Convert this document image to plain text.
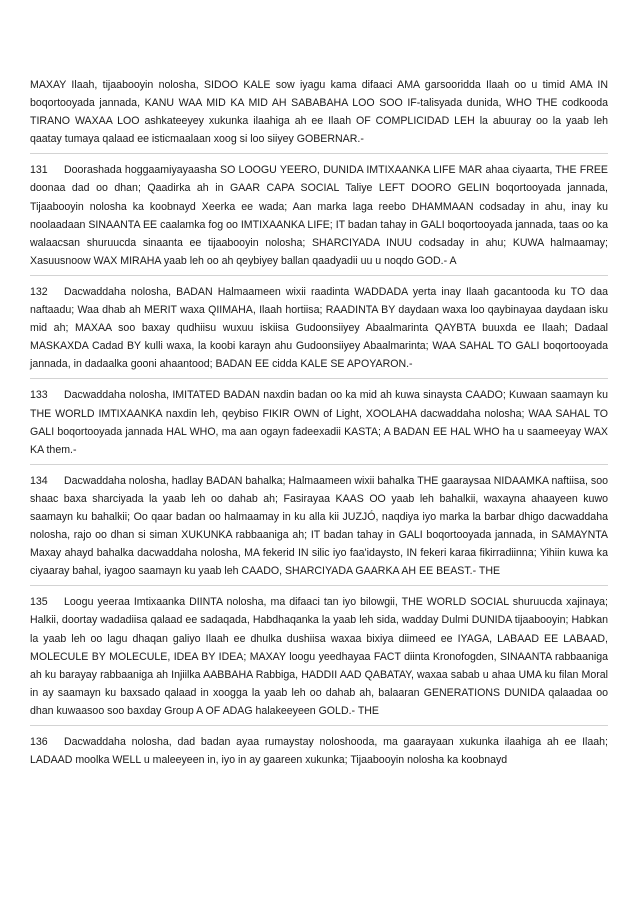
MAXAY Ilaah, tijaabooyin nolosha, SIDOO KALE sow iyagu kama difaaci AMA garsooridda Ilaah oo u timid AMA IN boqortooyada jannada, KANU WAA MID KA MID AH SABABAHA LOO SOO IF-talisyada dunida, WHO THE codkooda TIRANO WAXAA LOO ashkateeyey xukunka ilaahiga ah ee Ilaah OF COMPLICIDAD LEH la abuuray oo la yaab leh qaatay tumaya qalaad ee isticmaalaan xoog si loo siiyey GOBERNAR.-

131 Doorashada hoggaamiyayaasha SO LOOGU YEERO, DUNIDA IMTIXAANKA LIFE MAR ahaa ciyaarta, THE FREE doonaa dad oo dhan; Qaadirka ah in GAAR CAPA SOCIAL Taliye LEFT DOORO GELIN boqortooyada jannada, Tijaabooyin nolosha ka koobnayd Xeerka ee wada; Aan marka laga reebo DHAMMAAN codsaday in ahu, inay ku noolaadaan SINAANTA EE caalamka fog oo IMTIXAANKA LIFE; IT badan tahay in GALI boqortooyada jannada, taas oo ka walaacsan shuruucda sinaanta ee tijaabooyin nolosha; SHARCIYADA INUU codsaday in ahu; KUWA halmaamay; Xasuusnoow WAX MIRAHA yaab leh oo ah qeybiyey ballan qaadyadii uu u noqdo GOD.- A

132 Dacwaddaha nolosha, BADAN Halmaameen wixii raadinta WADDADA yerta inay Ilaah gacantooda ku TO daa naftaadu; Waa dhab ah MERIT waxa QIIMAHA, Ilaah hortiisa; RAADINTA BY daydaan waxa loo qaybinayaa daydaan isku mid ah; MAXAA soo baxay qudhiisu wuxuu iskiisa Gudoonsiiyey Abaalmarinta QAYBTA buuxda ee Ilaah; Dadaal MASKAXDA Cadad BY kulli waxa, la koobi karayn ahu Gudoonsiiyey Abaalmarinta; WAA SAHAL TO GALI boqortooyada jannada, in dadaalka gooni ahaantood; BADAN EE cidda KALE SE APOYARON.-

133 Dacwaddaha nolosha, IMITATED BADAN naxdin badan oo ka mid ah kuwa sinaysta CAADO; Kuwaan saamayn ku THE WORLD IMTIXAANKA naxdin leh, qeybiso FIKIR OWN of Light, XOOLAHA dacwaddaha nolosha; WAA SAHAL TO GALI boqortooyada jannada HAL WHO, ma aan ogayn fadeexadii KASTA; A BADAN EE HAL WHO ha u saameeyay WAX KA them.-

134 Dacwaddaha nolosha, hadlay BADAN bahalka; Halmaameen wixii bahalka THE gaaraysaa NIDAAMKA naftiisa, soo shaac baxa sharciyada la yaab leh oo dahab ah; Fasirayaa KAAS OO yaab leh bahalkii, waxayna ahaayeen kuwo saamayn ku bahalkii; Oo qaar badan oo halmaamay in ku alla kii JUZJÓ, naqdiya iyo marka la barbar dhigo dacwaddaha nolosha, rajo oo dhan si siman XUKUNKA rabbaaniga ah; IT badan tahay in GALI boqortooyada jannada, in SAMAYNTA Maxay ahayd bahalka dacwaddaha nolosha, MA fekerid IN silic iyo faa'idaysto, IN fekeri karaa fikirradiinna; Yihiin kuwa ka ciyaaray bahal, iyagoo saamayn ku yaab leh CAADO, SHARCIYADA GAARKA AH EE BEAST.- THE

135 Loogu yeeraa Imtixaanka DIINTA nolosha, ma difaaci tan iyo bilowgii, THE WORLD SOCIAL shuruucda xajinaya; Halkii, doortay wadadiisa qalaad ee sadaqada, Habdhaqanka la yaab leh sida, wadday Dulmi DUNIDA tijaabooyin; Habkan la yaab leh oo lagu dhaqan galiyo Ilaah ee dhulka dushiisa waxaa bixiya diimeed ee IYAGA, LABAAD EE LABAAD, MOLECULE BY MOLECULE, IDEA BY IDEA; MAXAY loogu yeedhayaa FACT diinta Kronofogden, SINAANTA rabbaaniga ah ku barayay rabbaaniga ah Injiilka AABBAHA Rabbiga, HADDII AAD QABATAY, waxaa sabab u ahaa UMA ku filan Moral in ay saamayn ku baxsado qalaad in xoogga la yaab leh oo dahab ah, balaaran GENERATIONS DUNIDA qalaadaa oo dhan kuwaasoo soo baxday Group A OF ADAG halakeeyeen GOLD.- THE

136 Dacwaddaha nolosha, dad badan ayaa rumaystay noloshooda, ma gaarayaan xukunka ilaahiga ah ee Ilaah; LADAAD moolka WELL u maleeyeen in, iyo in ay gaareen xukunka; Tijaabooyin nolosha ka koobnayd
